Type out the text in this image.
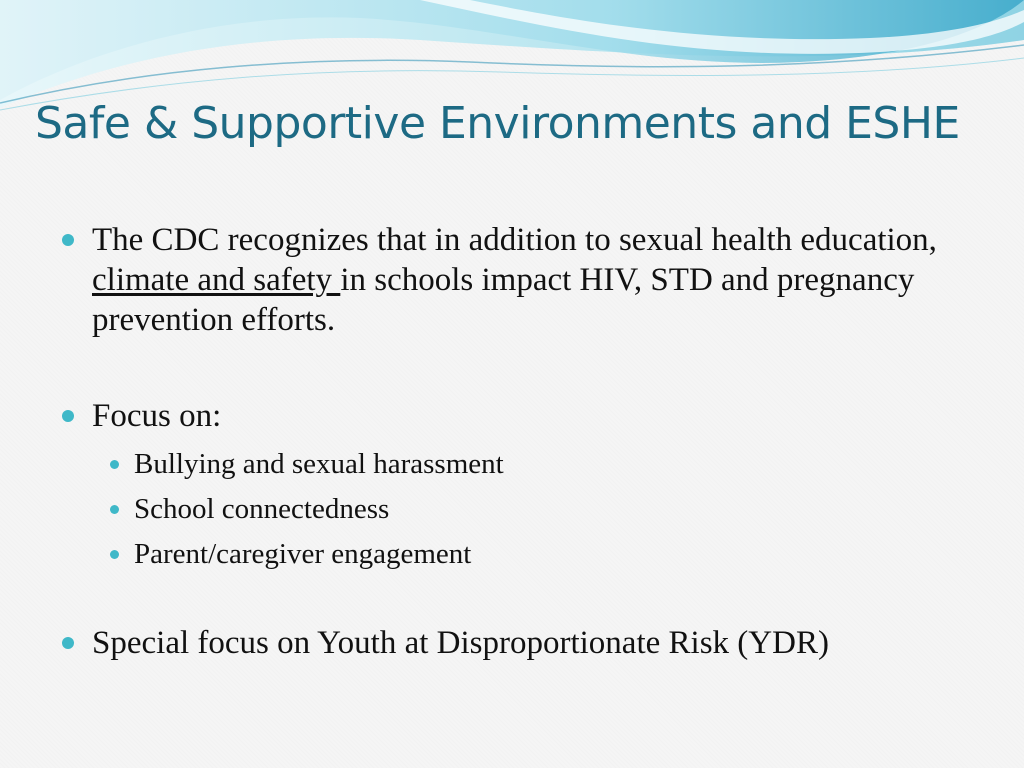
Safe & Supportive Environments and ESHE
The CDC recognizes that in addition to sexual health education, climate and safety in schools impact HIV, STD and pregnancy prevention efforts.
Focus on:
Bullying and sexual harassment
School connectedness
Parent/caregiver engagement
Special focus on Youth at Disproportionate Risk (YDR)
